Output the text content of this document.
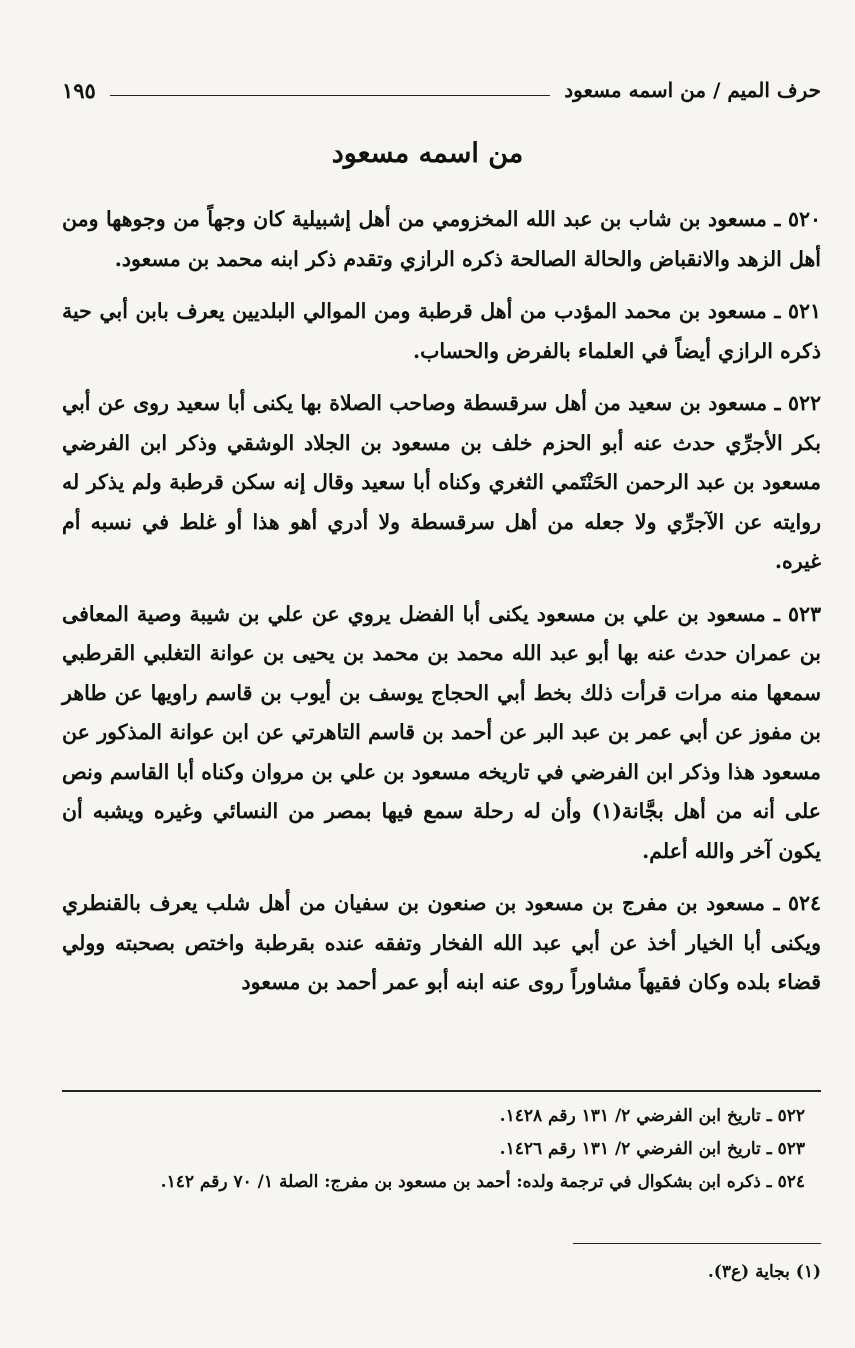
حرف الميم / من اسمه مسعود
١٩٥
من اسمه مسعود

٥٢٠ ـ مسعود بن شاب بن عبد الله المخزومي من أهل إشبيلية كان وجهاً من وجوهها ومن أهل الزهد والانقباض والحالة الصالحة ذكره الرازي وتقدم ذكر ابنه محمد بن مسعود.

٥٢١ ـ مسعود بن محمد المؤدب من أهل قرطبة ومن الموالي البلديين يعرف بابن أبي حية ذكره الرازي أيضاً في العلماء بالفرض والحساب.

٥٢٢ ـ مسعود بن سعيد من أهل سرقسطة وصاحب الصلاة بها يكنى أبا سعيد روى عن أبي بكر الأجرِّي حدث عنه أبو الحزم خلف بن مسعود بن الجلاد الوشقي وذكر ابن الفرضي مسعود بن عبد الرحمن الحَنْتَمي الثغري وكناه أبا سعيد وقال إنه سكن قرطبة ولم يذكر له روايته عن الآجرِّي ولا جعله من أهل سرقسطة ولا أدري أهو هذا أو غلط في نسبه أم غيره.

٥٢٣ ـ مسعود بن علي بن مسعود يكنى أبا الفضل يروي عن علي بن شيبة وصية المعافى بن عمران حدث عنه بها أبو عبد الله محمد بن محمد بن يحيى بن عوانة التغلبي القرطبي سمعها منه مرات قرأت ذلك بخط أبي الحجاج يوسف بن أيوب بن قاسم راويها عن طاهر بن مفوز عن أبي عمر بن عبد البر عن أحمد بن قاسم التاهرتي عن ابن عوانة المذكور عن مسعود هذا وذكر ابن الفرضي في تاريخه مسعود بن علي بن مروان وكناه أبا القاسم ونص على أنه من أهل بجَّانة(١) وأن له رحلة سمع فيها بمصر من النسائي وغيره ويشبه أن يكون آخر والله أعلم.

٥٢٤ ـ مسعود بن مفرج بن مسعود بن صنعون بن سفيان من أهل شلب يعرف بالقنطري ويكنى أبا الخيار أخذ عن أبي عبد الله الفخار وتفقه عنده بقرطبة واختص بصحبته وولي قضاء بلده وكان فقيهاً مشاوراً روى عنه ابنه أبو عمر أحمد بن مسعود

٥٢٢ ـ تاريخ ابن الفرضي ٢/ ١٣١ رقم ١٤٢٨.
٥٢٣ ـ تاريخ ابن الفرضي ٢/ ١٣١ رقم ١٤٢٦.
٥٢٤ ـ ذكره ابن بشكوال في ترجمة ولده: أحمد بن مسعود بن مفرج: الصلة ١/ ٧٠ رقم ١٤٢.
(١) بجاية (ع٣).
